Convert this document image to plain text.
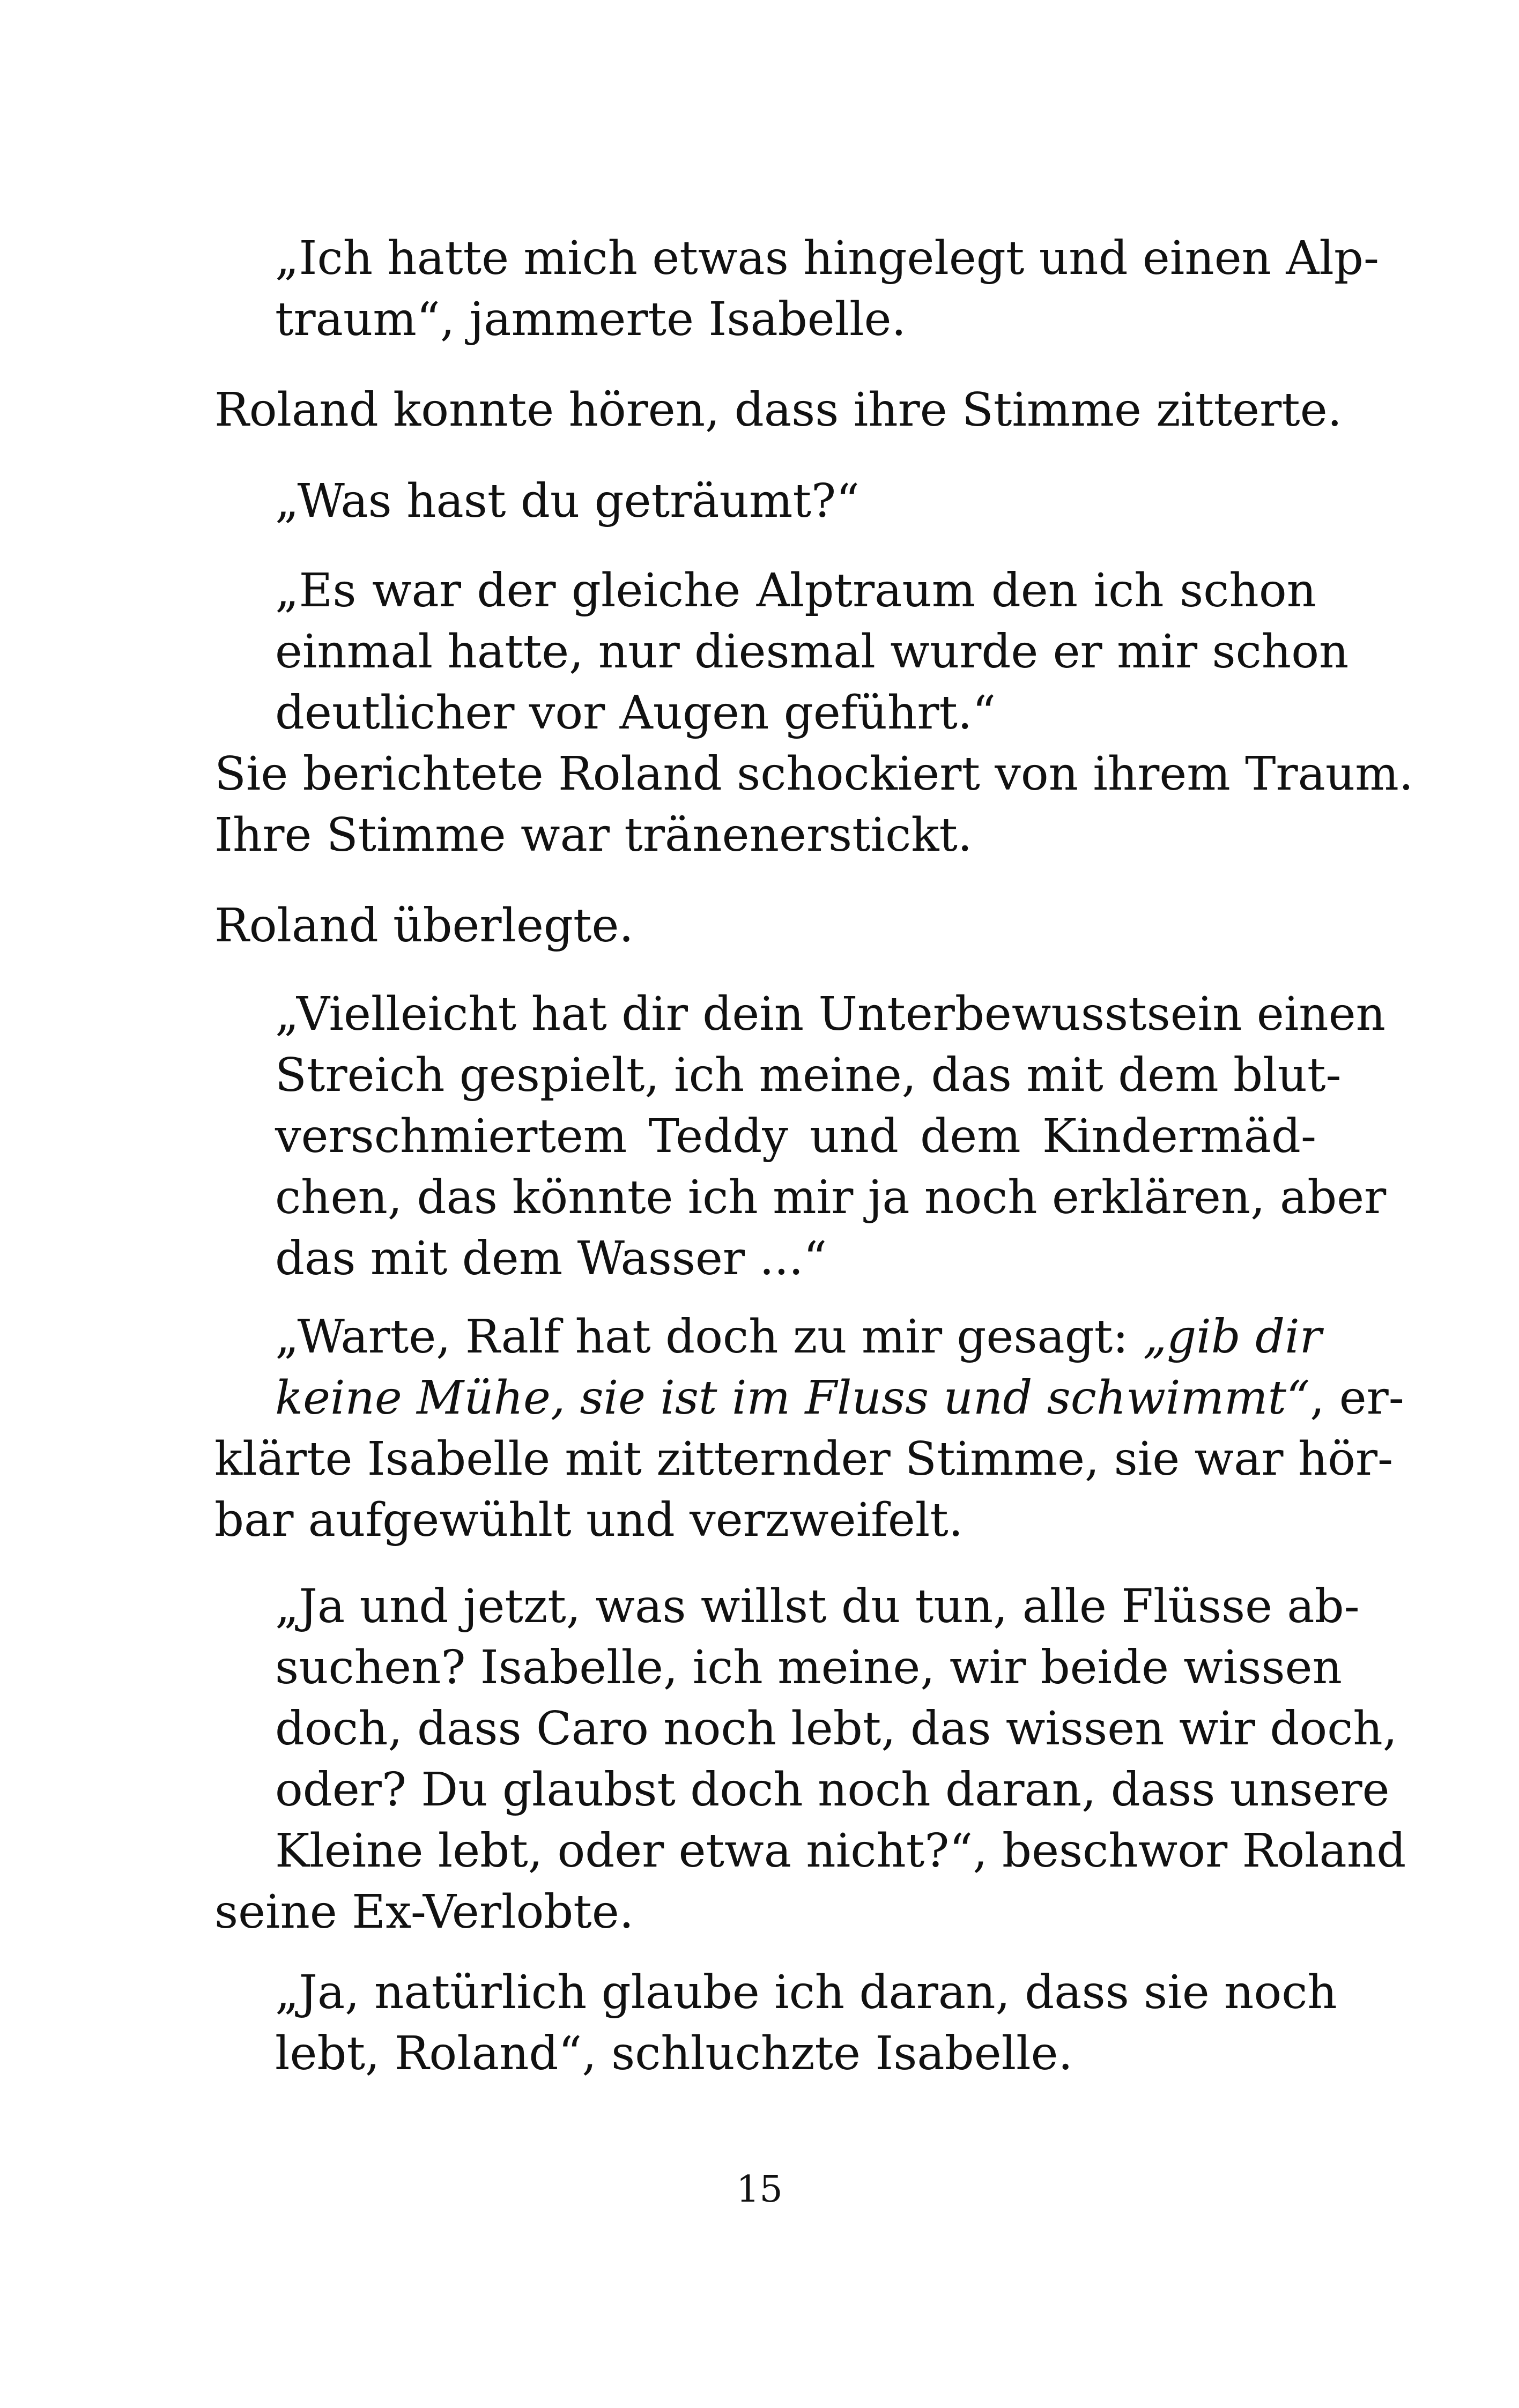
„Ich hatte mich etwas hingelegt und einen Alp-
traum“, jammerte Isabelle.
Roland konnte hören, dass ihre Stimme zitterte.
„Was hast du geträumt?“
„Es war der gleiche Alptraum den ich schon
einmal hatte, nur diesmal wurde er mir schon
deutlicher vor Augen geführt.“
Sie berichtete Roland schockiert von ihrem Traum.
Ihre Stimme war tränenerstickt.
Roland überlegte.
„Vielleicht hat dir dein Unterbewusstsein einen
Streich gespielt, ich meine, das mit dem blut-
verschmiertem Teddy und dem Kindermäd-
chen, das könnte ich mir ja noch erklären, aber
das mit dem Wasser ...“
„Warte, Ralf hat doch zu mir gesagt: „gib dir
keine Mühe, sie ist im Fluss und schwimmt“, er-
klärte Isabelle mit zitternder Stimme, sie war hör-
bar aufgewühlt und verzweifelt.
„Ja und jetzt, was willst du tun, alle Flüsse ab-
suchen? Isabelle, ich meine, wir beide wissen
doch, dass Caro noch lebt, das wissen wir doch,
oder? Du glaubst doch noch daran, dass unsere
Kleine lebt, oder etwa nicht?“, beschwor Roland
seine Ex-Verlobte.
„Ja, natürlich glaube ich daran, dass sie noch
lebt, Roland“, schluchzte Isabelle.
15
